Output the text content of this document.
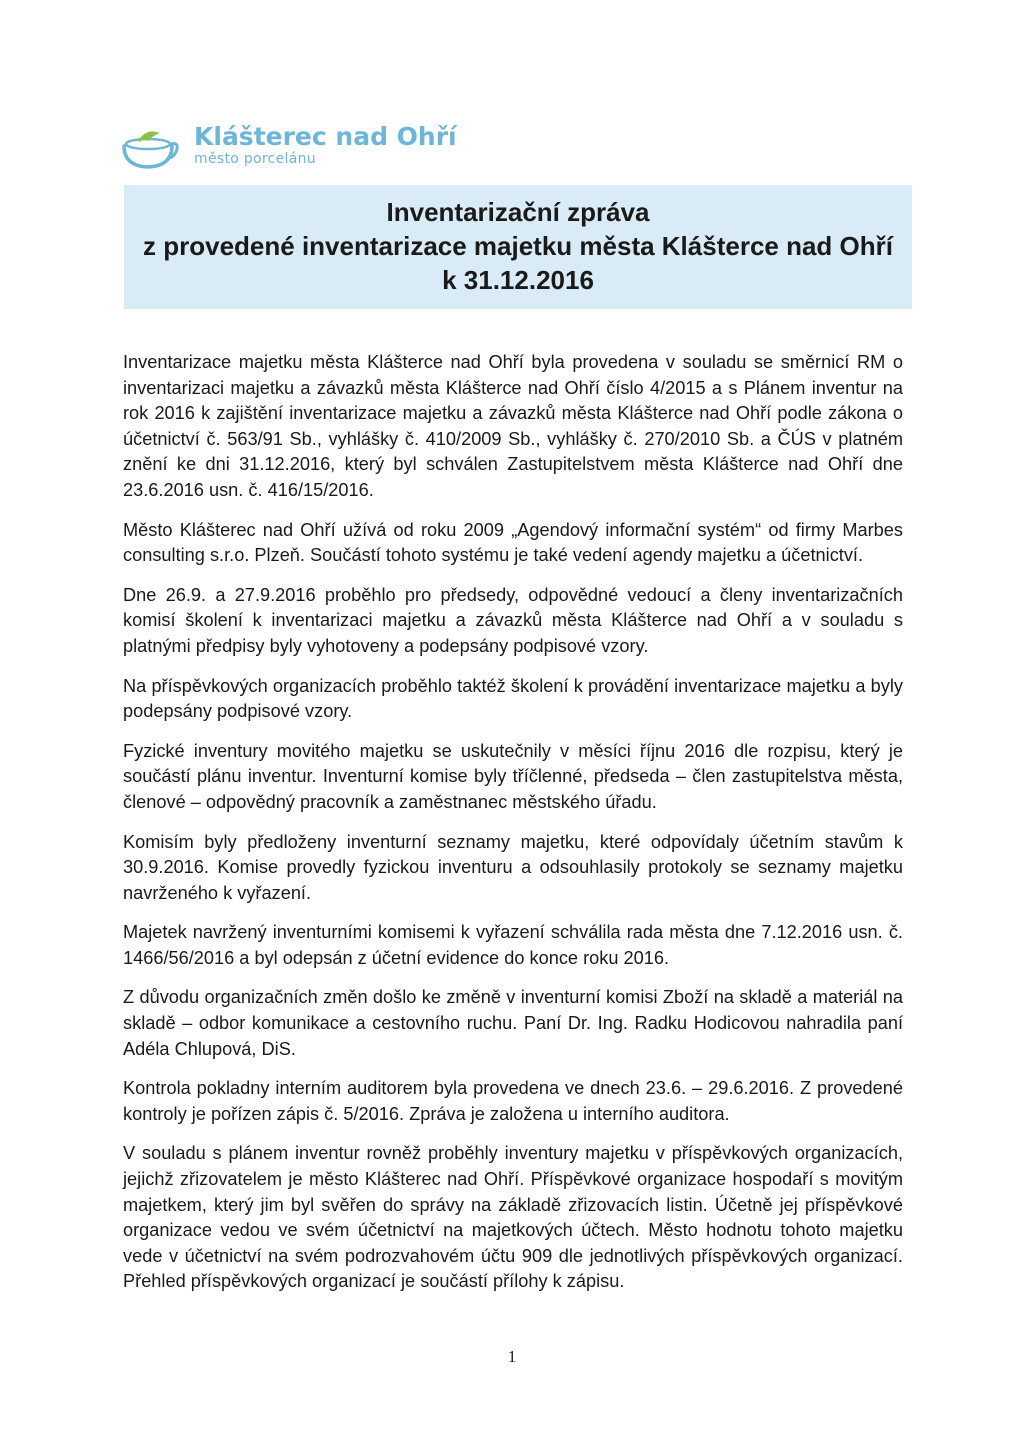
Klášterec nad Ohří
město porcelánu
Inventarizační zpráva
z provedené inventarizace majetku města Klášterce nad Ohří
k 31.12.2016

Inventarizace majetku města Klášterce nad Ohří byla provedena v souladu se směrnicí RM o inventarizaci majetku a závazků města Klášterce nad Ohří číslo 4/2015 a s Plánem inventur na rok 2016 k zajištění inventarizace majetku a závazků města Klášterce nad Ohří podle zákona o účetnictví č. 563/91 Sb., vyhlášky č. 410/2009 Sb., vyhlášky č. 270/2010 Sb. a ČÚS v platném znění ke dni 31.12.2016, který byl schválen Zastupitelstvem města Klášterce nad Ohří dne 23.6.2016 usn. č. 416/15/2016.

Město Klášterec nad Ohří užívá od roku 2009 „Agendový informační systém“ od firmy Marbes consulting s.r.o. Plzeň. Součástí tohoto systému je také vedení agendy majetku a účetnictví.

Dne 26.9. a 27.9.2016 proběhlo pro předsedy, odpovědné vedoucí a členy inventarizačních komisí školení k inventarizaci majetku a závazků města Klášterce nad Ohří a v souladu s platnými předpisy byly vyhotoveny a podepsány podpisové vzory.

Na příspěvkových organizacích proběhlo taktéž školení k provádění inventarizace majetku a byly podepsány podpisové vzory.

Fyzické inventury movitého majetku se uskutečnily v měsíci říjnu 2016 dle rozpisu, který je součástí plánu inventur. Inventurní komise byly tříčlenné, předseda – člen zastupitelstva města, členové – odpovědný pracovník a zaměstnanec městského úřadu.

Komisím byly předloženy inventurní seznamy majetku, které odpovídaly účetním stavům k 30.9.2016. Komise provedly fyzickou inventuru a odsouhlasily protokoly se seznamy majetku navrženého k vyřazení.

Majetek navržený inventurními komisemi k vyřazení schválila rada města dne 7.12.2016 usn. č. 1466/56/2016 a byl odepsán z účetní evidence do konce roku 2016.

Z důvodu organizačních změn došlo ke změně v inventurní komisi Zboží na skladě a materiál na skladě – odbor komunikace a cestovního ruchu. Paní Dr. Ing. Radku Hodicovou nahradila paní Adéla Chlupová, DiS.

Kontrola pokladny interním auditorem byla provedena ve dnech 23.6. – 29.6.2016. Z provedené kontroly je pořízen zápis č. 5/2016. Zpráva je založena u interního auditora.

V souladu s plánem inventur rovněž proběhly inventury majetku v příspěvkových organizacích, jejichž zřizovatelem je město Klášterec nad Ohří. Příspěvkové organizace hospodaří s movitým majetkem, který jim byl svěřen do správy na základě zřizovacích listin. Účetně jej příspěvkové organizace vedou ve svém účetnictví na majetkových účtech. Město hodnotu tohoto majetku vede v účetnictví na svém podrozvahovém účtu 909 dle jednotlivých příspěvkových organizací. Přehled příspěvkových organizací je součástí přílohy k zápisu.

1
